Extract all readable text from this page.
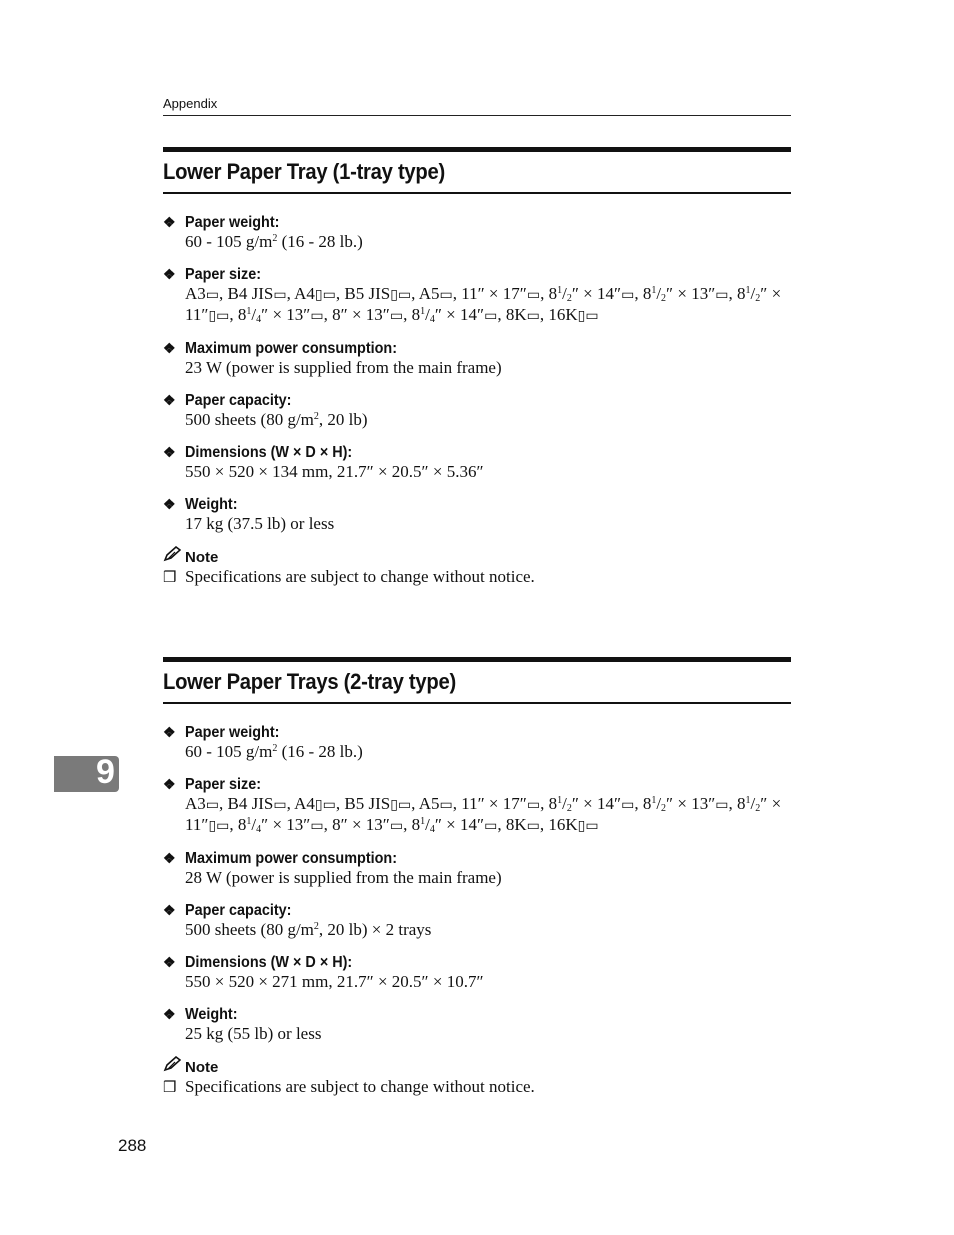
Appendix
Lower Paper Tray (1-tray type)
❖ Paper weight:
60 - 105 $g/m^2$ (16 - 28 lb.)
❖ Paper size:
A3▭, B4 JIS▭, A4▯▭, B5 JIS▯▭, A5▭, 11″ × 17″▭, $8^1/_2''$ × 14″▭, $8^1/_2''$ × 13″▭, $8^1/_2''$ × 11″▯▭, $8^1/_4''$ × 13″▭, 8″ × 13″▭, $8^1/_4''$ × 14″▭, 8K▭, 16K▯▭
❖ Maximum power consumption:
23 W (power is supplied from the main frame)
❖ Paper capacity:
500 sheets (80 $g/m^2$, 20 lb)
❖ Dimensions (W × D × H):
550 × 520 × 134 mm, 21.7″ × 20.5″ × 5.36″
❖ Weight:
17 kg (37.5 lb) or less
Note
❒ Specifications are subject to change without notice.
Lower Paper Trays (2-tray type)
❖ Paper weight:
60 - 105 $g/m^2$ (16 - 28 lb.)
❖ Paper size:
A3▭, B4 JIS▭, A4▯▭, B5 JIS▯▭, A5▭, 11″ × 17″▭, $8^1/_2''$ × 14″▭, $8^1/_2''$ × 13″▭, $8^1/_2''$ × 11″▯▭, $8^1/_4''$ × 13″▭, 8″ × 13″▭, $8^1/_4''$ × 14″▭, 8K▭, 16K▯▭
❖ Maximum power consumption:
28 W (power is supplied from the main frame)
❖ Paper capacity:
500 sheets (80 $g/m^2$, 20 lb) × 2 trays
❖ Dimensions (W × D × H):
550 × 520 × 271 mm, 21.7″ × 20.5″ × 10.7″
❖ Weight:
25 kg (55 lb) or less
Note
❒ Specifications are subject to change without notice.
9
288
